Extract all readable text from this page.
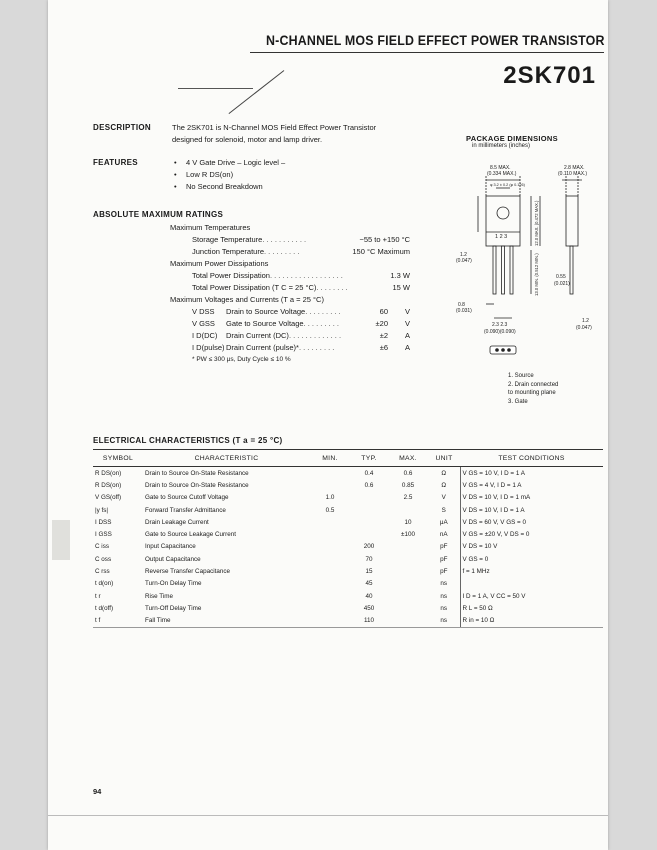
N-CHANNEL MOS FIELD EFFECT POWER TRANSISTOR
2SK701
DESCRIPTION	The 2SK701 is N-Channel MOS Field Effect Power Transistor designed for solenoid, motor and lamp driver.
FEATURES	• 4 V Gate Drive – Logic level –
• Low R DS(on)
• No Second Breakdown
ABSOLUTE MAXIMUM RATINGS
Maximum Temperatures
Storage Temperature . . . . . . . . . . .	−55 to +150 °C
Junction Temperature . . . . . . . . .	150 °C Maximum
Maximum Power Dissipations
Total Power Dissipation . . . . . . . . . . . . . . . . . .	1.3 W
Total Power Dissipation (T C = 25 °C) . . . . . . . .	15 W
Maximum Voltages and Currents (T a = 25 °C)
V DSS	Drain to Source Voltage . . . . . . . . .	60	V
V GSS	Gate to Source Voltage . . . . . . . . .	±20	V
I D(DC)	Drain Current (DC) . . . . . . . . . . . . .	±2	A
I D(pulse) Drain Current (pulse)* . . . . . . . . .	±6	A
* PW ≤ 300 μs, Duty Cycle ≤ 10 %
PACKAGE DIMENSIONS
in millimeters (inches)
8.5 MAX.
(0.334 MAX.)
φ 3.2 ± 0.2 (φ 0.126)
2.8 MAX.
(0.110 MAX.)
1 2 3
1.2
(0.047)
0.55
(0.021)
0.8
(0.031)
2.3 2.3
(0.090)(0.090)
1.2
(0.047)
12.0 MAX. (0.472 MAX.)
13.0 MIN. (0.512 MIN.)
1. Source
2. Drain connected
to mounting plane
3. Gate
ELECTRICAL CHARACTERISTICS (T a = 25 °C)
SYMBOL	CHARACTERISTIC	MIN.	TYP.	MAX.	UNIT	TEST CONDITIONS
R DS(on)	Drain to Source On-State Resistance		0.4	0.6	Ω	V GS = 10 V, I D = 1 A
R DS(on)	Drain to Source On-State Resistance		0.6	0.85	Ω	V GS = 4 V, I D = 1 A
V GS(off)	Gate to Source Cutoff Voltage	1.0		2.5	V	V DS = 10 V, I D = 1 mA
|y fs|	Forward Transfer Admittance	0.5			S	V DS = 10 V, I D = 1 A
I DSS	Drain Leakage Current			10	μA	V DS = 60 V, V GS = 0
I GSS	Gate to Source Leakage Current			±100	nA	V GS = ±20 V, V DS = 0
C iss	Input Capacitance		200		pF	V DS = 10 V
C oss	Output Capacitance		70		pF	V GS = 0
C rss	Reverse Transfer Capacitance		15		pF	f = 1 MHz
t d(on)	Turn-On Delay Time		45		ns	
t r	Rise Time		40		ns	I D = 1 A, V CC = 50 V
t d(off)	Turn-Off Delay Time		450		ns	R L = 50 Ω
t f	Fall Time		110		ns	R in = 10 Ω
94
